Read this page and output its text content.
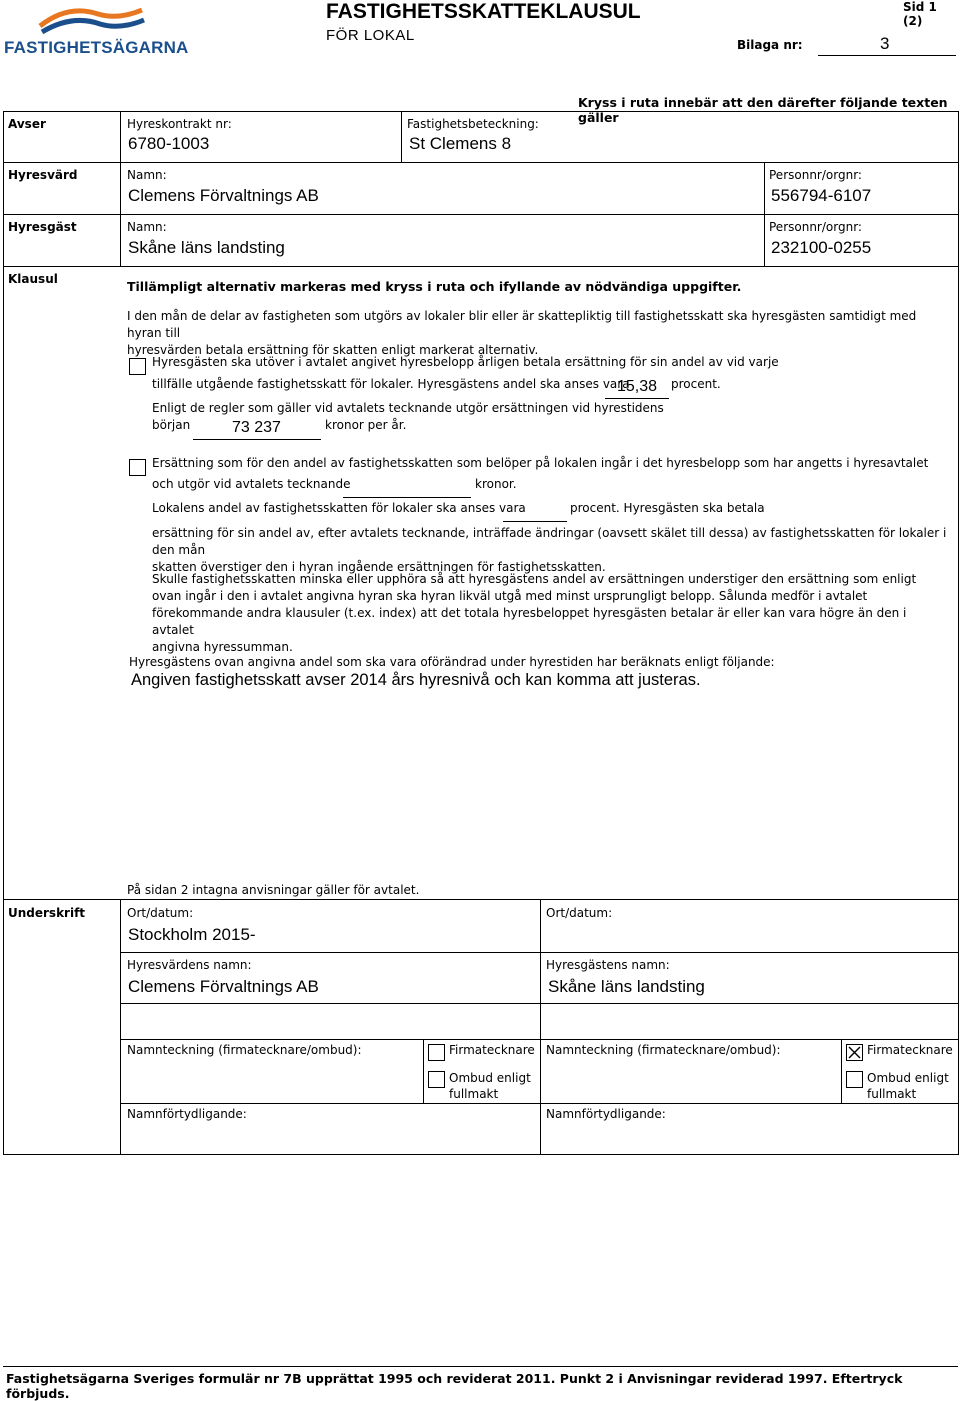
FASTIGHETSÄGARNA
FASTIGHETSSKATTEKLAUSUL
FÖR LOKAL
Sid 1 (2)
Bilaga nr:	3
Kryss i ruta innebär att den därefter följande texten gäller
Avser	Hyreskontrakt nr:
6780-1003
Fastighetsbeteckning:
St Clemens 8
Hyresvärd	Namn:
Clemens Förvaltnings AB
Personnr/orgnr:
556794-6107
Hyresgäst	Namn:
Skåne läns landsting
Personnr/orgnr:
232100-0255
Klausul	Tillämpligt alternativ markeras med kryss i ruta och ifyllande av nödvändiga uppgifter.
I den mån de delar av fastigheten som utgörs av lokaler blir eller är skattepliktig till fastighetsskatt ska hyresgästen samtidigt med hyran till
hyresvärden betala ersättning för skatten enligt markerat alternativ.
Hyresgästen ska utöver i avtalet angivet hyresbelopp årligen betala ersättning för sin andel av vid varje
tillfälle utgående fastighetsskatt för lokaler. Hyresgästens andel ska anses vara
15,38 procent.
Enligt de regler som gäller vid avtalets tecknande utgör ersättningen vid hyrestidens
början	73 237	kronor per år.
Ersättning som för den andel av fastighetsskatten som belöper på lokalen ingår i det hyresbelopp som har angetts i hyresavtalet
och utgör vid avtalets tecknande	kronor.
Lokalens andel av fastighetsskatten för lokaler ska anses vara	procent. Hyresgästen ska betala
ersättning för sin andel av, efter avtalets tecknande, inträffade ändringar (oavsett skälet till dessa) av fastighetsskatten för lokaler i den mån
skatten överstiger den i hyran ingående ersättningen för fastighetsskatten.
Skulle fastighetsskatten minska eller upphöra så att hyresgästens andel av ersättningen understiger den ersättning som enligt
ovan ingår i den i avtalet angivna hyran ska hyran likväl utgå med minst ursprungligt belopp. Sålunda medför i avtalet
förekommande andra klausuler (t.ex. index) att det totala hyresbeloppet hyresgästen betalar är eller kan vara högre än den i avtalet
angivna hyressumman.
Hyresgästens ovan angivna andel som ska vara oförändrad under hyrestiden har beräknats enligt följande:
Angiven fastighetsskatt avser 2014 års hyresnivå och kan komma att justeras.
På sidan 2 intagna anvisningar gäller för avtalet.
Underskrift	Ort/datum:
Stockholm 2015-
Hyresvärdens namn:
Clemens Förvaltnings AB
Namnteckning (firmatecknare/ombud):	Firmatecknare
Ombud enligt
fullmakt
Namnförtydligande:
Ort/datum:
Hyresgästens namn:
Skåne läns landsting
Namnteckning (firmatecknare/ombud):	Firmatecknare
Ombud enligt
fullmakt
Namnförtydligande:
Fastighetsägarna Sveriges formulär nr 7B upprättat 1995 och reviderat 2011. Punkt 2 i Anvisningar reviderad 1997. Eftertryck förbjuds.
